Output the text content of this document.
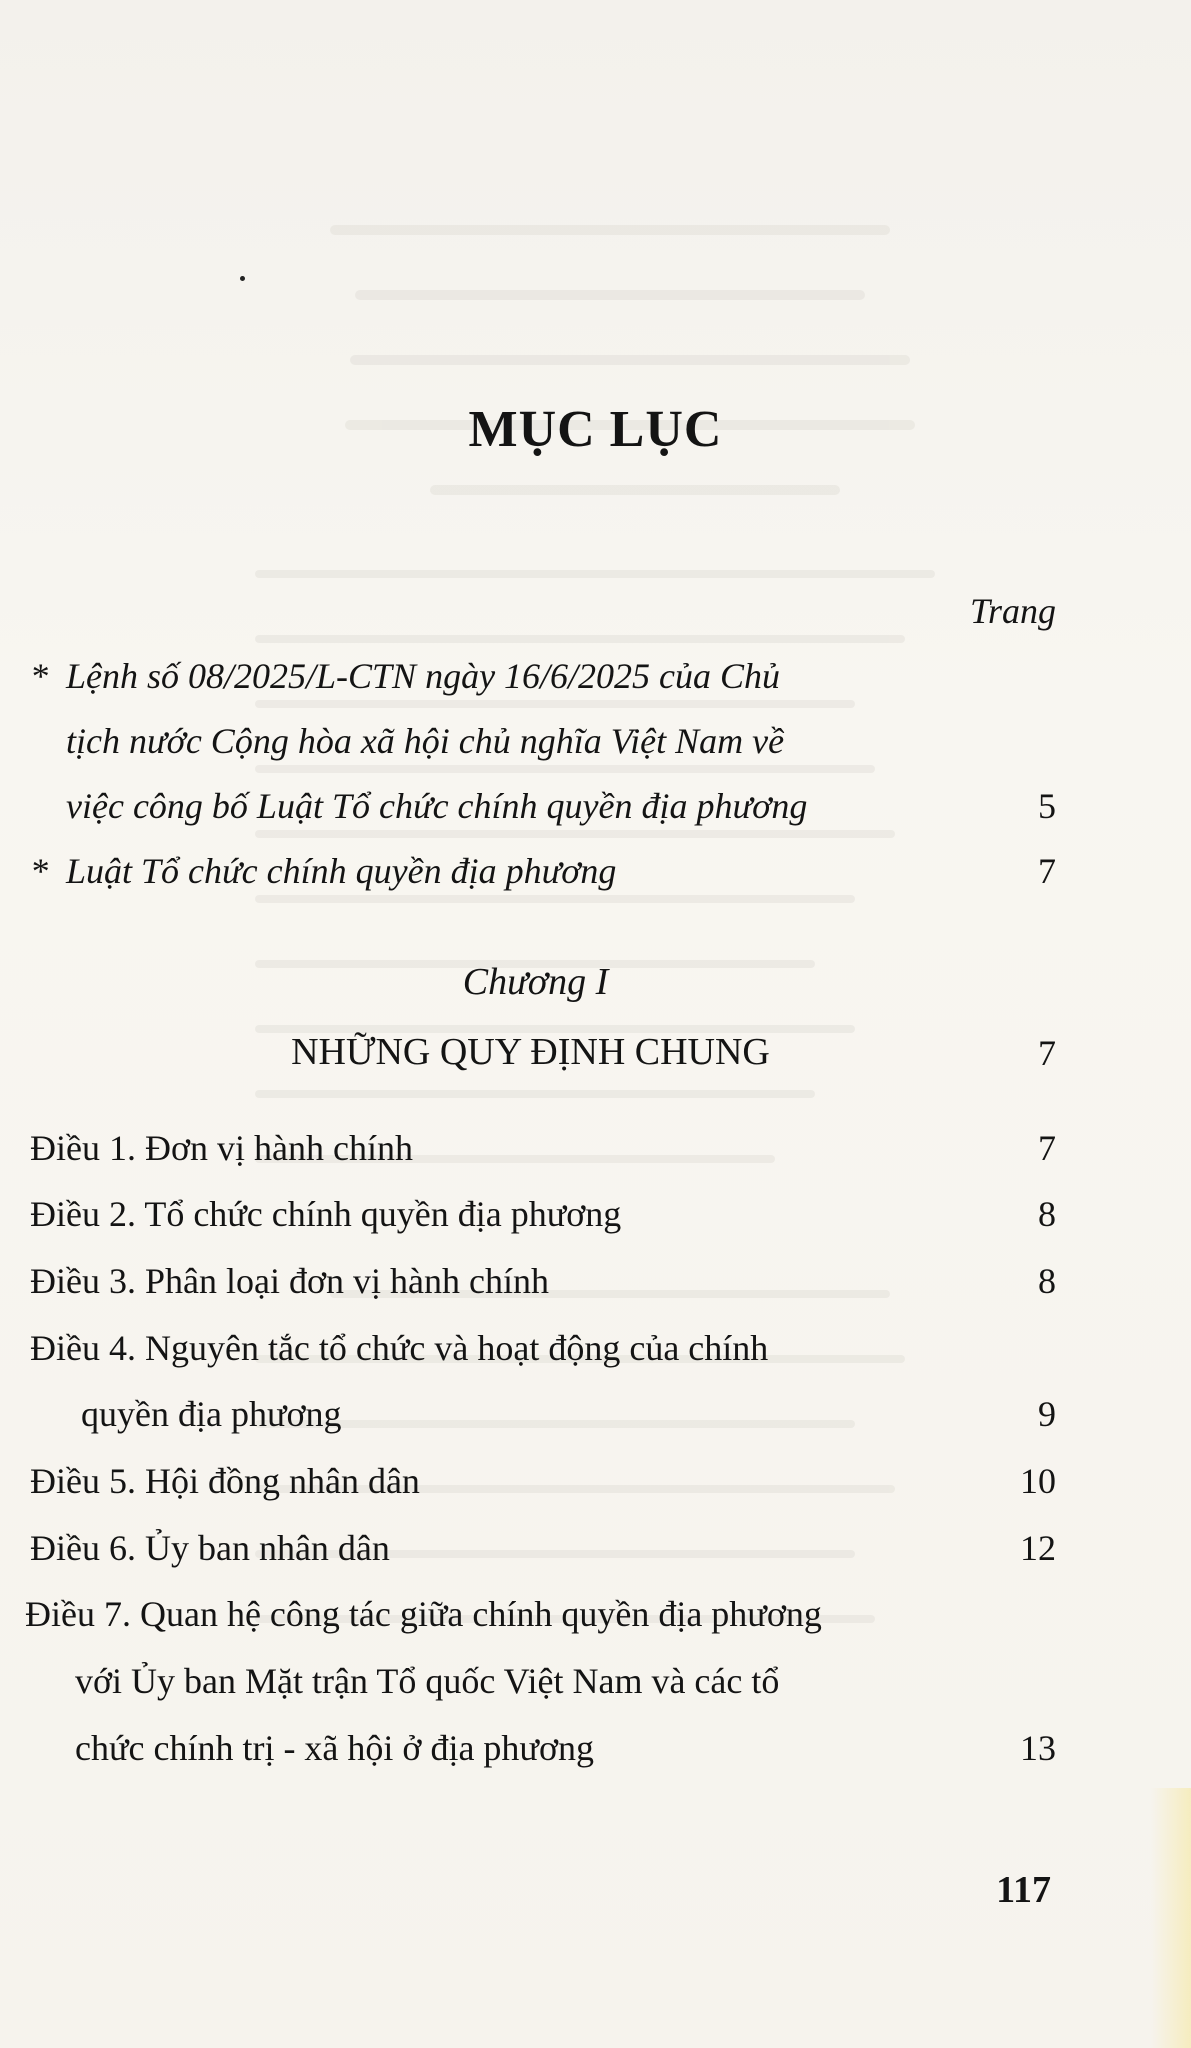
MỤC LỤC
Trang
* Lệnh số 08/2025/L-CTN ngày 16/6/2025 của Chủ
tịch nước Cộng hòa xã hội chủ nghĩa Việt Nam về
việc công bố Luật Tổ chức chính quyền địa phương	5
* Luật Tổ chức chính quyền địa phương	7
Chương I
NHỮNG QUY ĐỊNH CHUNG	7
Điều 1. Đơn vị hành chính	7
Điều 2. Tổ chức chính quyền địa phương	8
Điều 3. Phân loại đơn vị hành chính	8
Điều 4. Nguyên tắc tổ chức và hoạt động của chính
quyền địa phương	9
Điều 5. Hội đồng nhân dân	10
Điều 6. Ủy ban nhân dân	12
Điều 7. Quan hệ công tác giữa chính quyền địa phương
với Ủy ban Mặt trận Tổ quốc Việt Nam và các tổ
chức chính trị - xã hội ở địa phương	13
117
